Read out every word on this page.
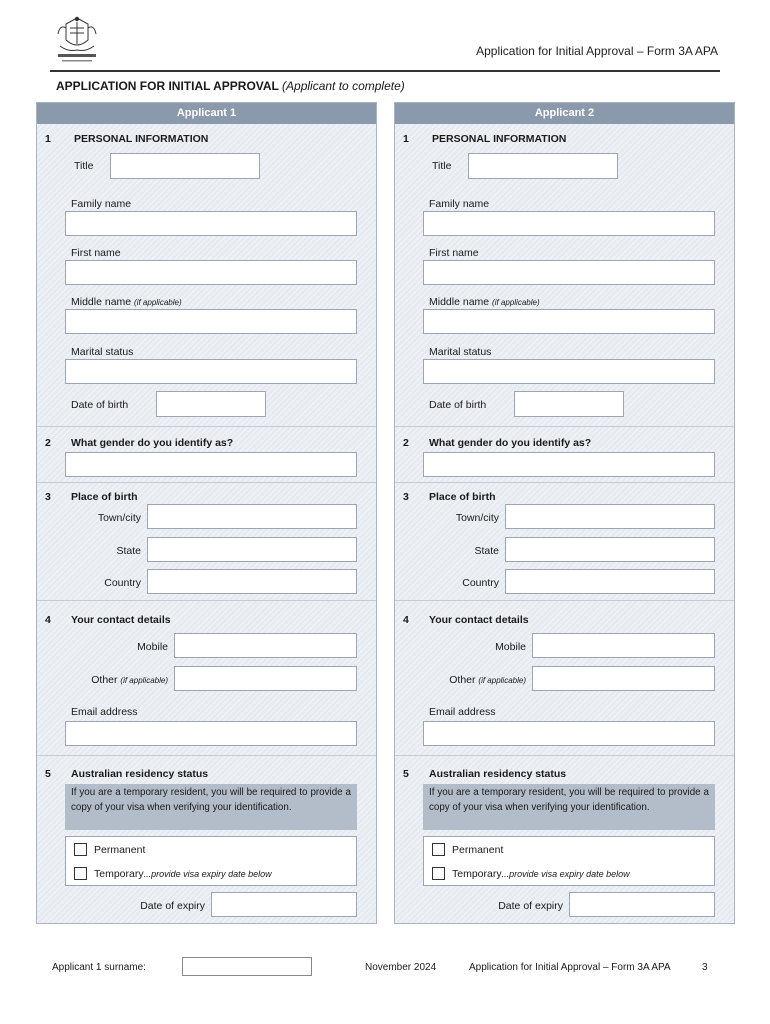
Application for Initial Approval – Form 3A APA
APPLICATION FOR INITIAL APPROVAL (Applicant to complete)
Applicant 1
1 PERSONAL INFORMATION
Title
Family name
First name
Middle name (if applicable)
Marital status
Date of birth
2 What gender do you identify as?
3 Place of birth
Town/city
State
Country
4 Your contact details
Mobile
Other (if applicable)
Email address
5 Australian residency status
If you are a temporary resident, you will be required to provide a copy of your visa when verifying your identification.
Permanent
Temporary...provide visa expiry date below
Date of expiry
Applicant 2
1 PERSONAL INFORMATION
Title
Family name
First name
Middle name (if applicable)
Marital status
Date of birth
2 What gender do you identify as?
3 Place of birth
Town/city
State
Country
4 Your contact details
Mobile
Other (if applicable)
Email address
5 Australian residency status
If you are a temporary resident, you will be required to provide a copy of your visa when verifying your identification.
Permanent
Temporary...provide visa expiry date below
Date of expiry
Applicant 1 surname:	November 2024	Application for Initial Approval – Form 3A APA	3
